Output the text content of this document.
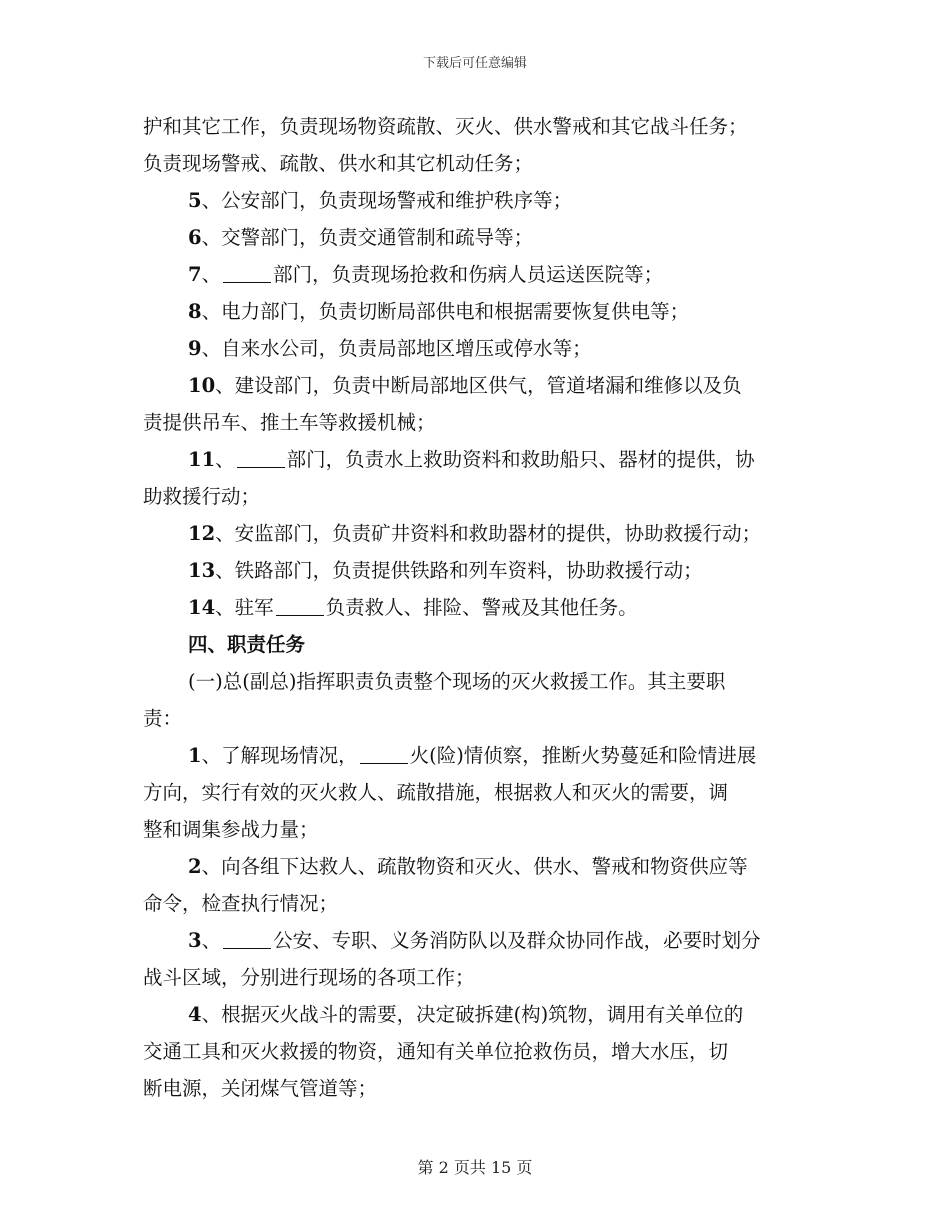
下载后可任意编辑

护和其它工作，负责现场物资疏散、灭火、供水警戒和其它战斗任务；

负责现场警戒、疏散、供水和其它机动任务；

5、公安部门，负责现场警戒和维护秩序等；

6、交警部门，负责交通管制和疏导等；

7、	部门，负责现场抢救和伤病人员运送医院等；

8、电力部门，负责切断局部供电和根据需要恢复供电等；

9、自来水公司，负责局部地区增压或停水等；

10、建设部门，负责中断局部地区供气，管道堵漏和维修以及负

责提供吊车、推土车等救援机械；

11、	部门，负责水上救助资料和救助船只、器材的提供，协

助救援行动；

12、安监部门，负责矿井资料和救助器材的提供，协助救援行动；

13、铁路部门，负责提供铁路和列车资料，协助救援行动；

14、驻军	负责救人、排险、警戒及其他任务。

四、职责任务

(一)总(副总)指挥职责负责整个现场的灭火救援工作。其主要职

责：

1、了解现场情况，	火(险)情侦察，推断火势蔓延和险情进展

方向，实行有效的灭火救人、疏散措施，根据救人和灭火的需要，调

整和调集参战力量；

2、向各组下达救人、疏散物资和灭火、供水、警戒和物资供应等

命令，检查执行情况；

3、	公安、专职、义务消防队以及群众协同作战，必要时划分

战斗区域，分别进行现场的各项工作；

4、根据灭火战斗的需要，决定破拆建(构)筑物，调用有关单位的

交通工具和灭火救援的物资，通知有关单位抢救伤员，增大水压，切

断电源，关闭煤气管道等；

第 2 页共 15 页
